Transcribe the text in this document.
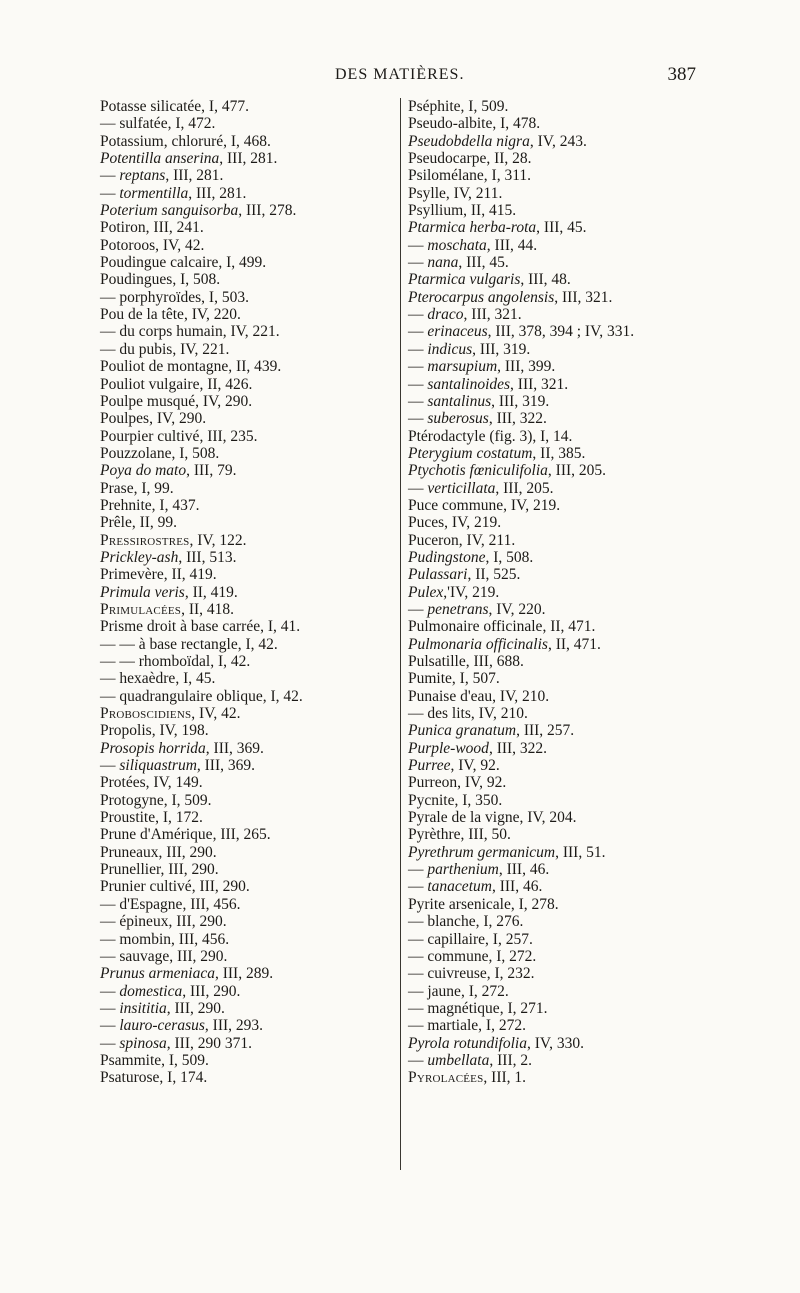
DES MATIÈRES.	387
Potasse silicatée, I, 477.
— sulfatée, I, 472.
Potassium, chloruré, I, 468.
Potentilla anserina, III, 281.
— reptans, III, 281.
— tormentilla, III, 281.
Poterium sanguisorba, III, 278.
Potiron, III, 241.
Potoroos, IV, 42.
Poudingue calcaire, I, 499.
Poudingues, I, 508.
— porphyroïdes, I, 503.
Pou de la tête, IV, 220.
— du corps humain, IV, 221.
— du pubis, IV, 221.
Pouliot de montagne, II, 439.
Pouliot vulgaire, II, 426.
Poulpe musqué, IV, 290.
Poulpes, IV, 290.
Pourpier cultivé, III, 235.
Pouzzolane, I, 508.
Poya do mato, III, 79.
Prase, I, 99.
Prehnite, I, 437.
Prêle, II, 99.
Pressirostres, IV, 122.
Prickley-ash, III, 513.
Primevère, II, 419.
Primula veris, II, 419.
Primulacées, II, 418.
Prisme droit à base carrée, I, 41.
— — à base rectangle, I, 42.
— — rhomboïdal, I, 42.
— hexaèdre, I, 45.
— quadrangulaire oblique, I, 42.
Proboscidiens, IV, 42.
Propolis, IV, 198.
Prosopis horrida, III, 369.
— siliquastrum, III, 369.
Protées, IV, 149.
Protogyne, I, 509.
Proustite, I, 172.
Prune d'Amérique, III, 265.
Pruneaux, III, 290.
Prunellier, III, 290.
Prunier cultivé, III, 290.
— d'Espagne, III, 456.
— épineux, III, 290.
— mombin, III, 456.
— sauvage, III, 290.
Prunus armeniaca, III, 289.
— domestica, III, 290.
— insititia, III, 290.
— lauro-cerasus, III, 293.
— spinosa, III, 290 371.
Psammite, I, 509.
Psaturose, I, 174.
Pséphite, I, 509.
Pseudo-albite, I, 478.
Pseudobdella nigra, IV, 243.
Pseudocarpe, II, 28.
Psilomélane, I, 311.
Psylle, IV, 211.
Psyllium, II, 415.
Ptarmica herba-rota, III, 45.
— moschata, III, 44.
— nana, III, 45.
Ptarmica vulgaris, III, 48.
Pterocarpus angolensis, III, 321.
— draco, III, 321.
— erinaceus, III, 378, 394 ; IV, 331.
— indicus, III, 319.
— marsupium, III, 399.
— santalinoides, III, 321.
— santalinus, III, 319.
— suberosus, III, 322.
Ptérodactyle (fig. 3), I, 14.
Pterygium costatum, II, 385.
Ptychotis fœniculifolia, III, 205.
— verticillata, III, 205.
Puce commune, IV, 219.
Puces, IV, 219.
Puceron, IV, 211.
Pudingstone, I, 508.
Pulassari, II, 525.
Pulex,'IV, 219.
— penetrans, IV, 220.
Pulmonaire officinale, II, 471.
Pulmonaria officinalis, II, 471.
Pulsatille, III, 688.
Pumite, I, 507.
Punaise d'eau, IV, 210.
— des lits, IV, 210.
Punica granatum, III, 257.
Purple-wood, III, 322.
Purree, IV, 92.
Purreon, IV, 92.
Pycnite, I, 350.
Pyrale de la vigne, IV, 204.
Pyrèthre, III, 50.
Pyrethrum germanicum, III, 51.
— parthenium, III, 46.
— tanacetum, III, 46.
Pyrite arsenicale, I, 278.
— blanche, I, 276.
— capillaire, I, 257.
— commune, I, 272.
— cuivreuse, I, 232.
— jaune, I, 272.
— magnétique, I, 271.
— martiale, I, 272.
Pyrola rotundifolia, IV, 330.
— umbellata, III, 2.
Pyrolacées, III, 1.
